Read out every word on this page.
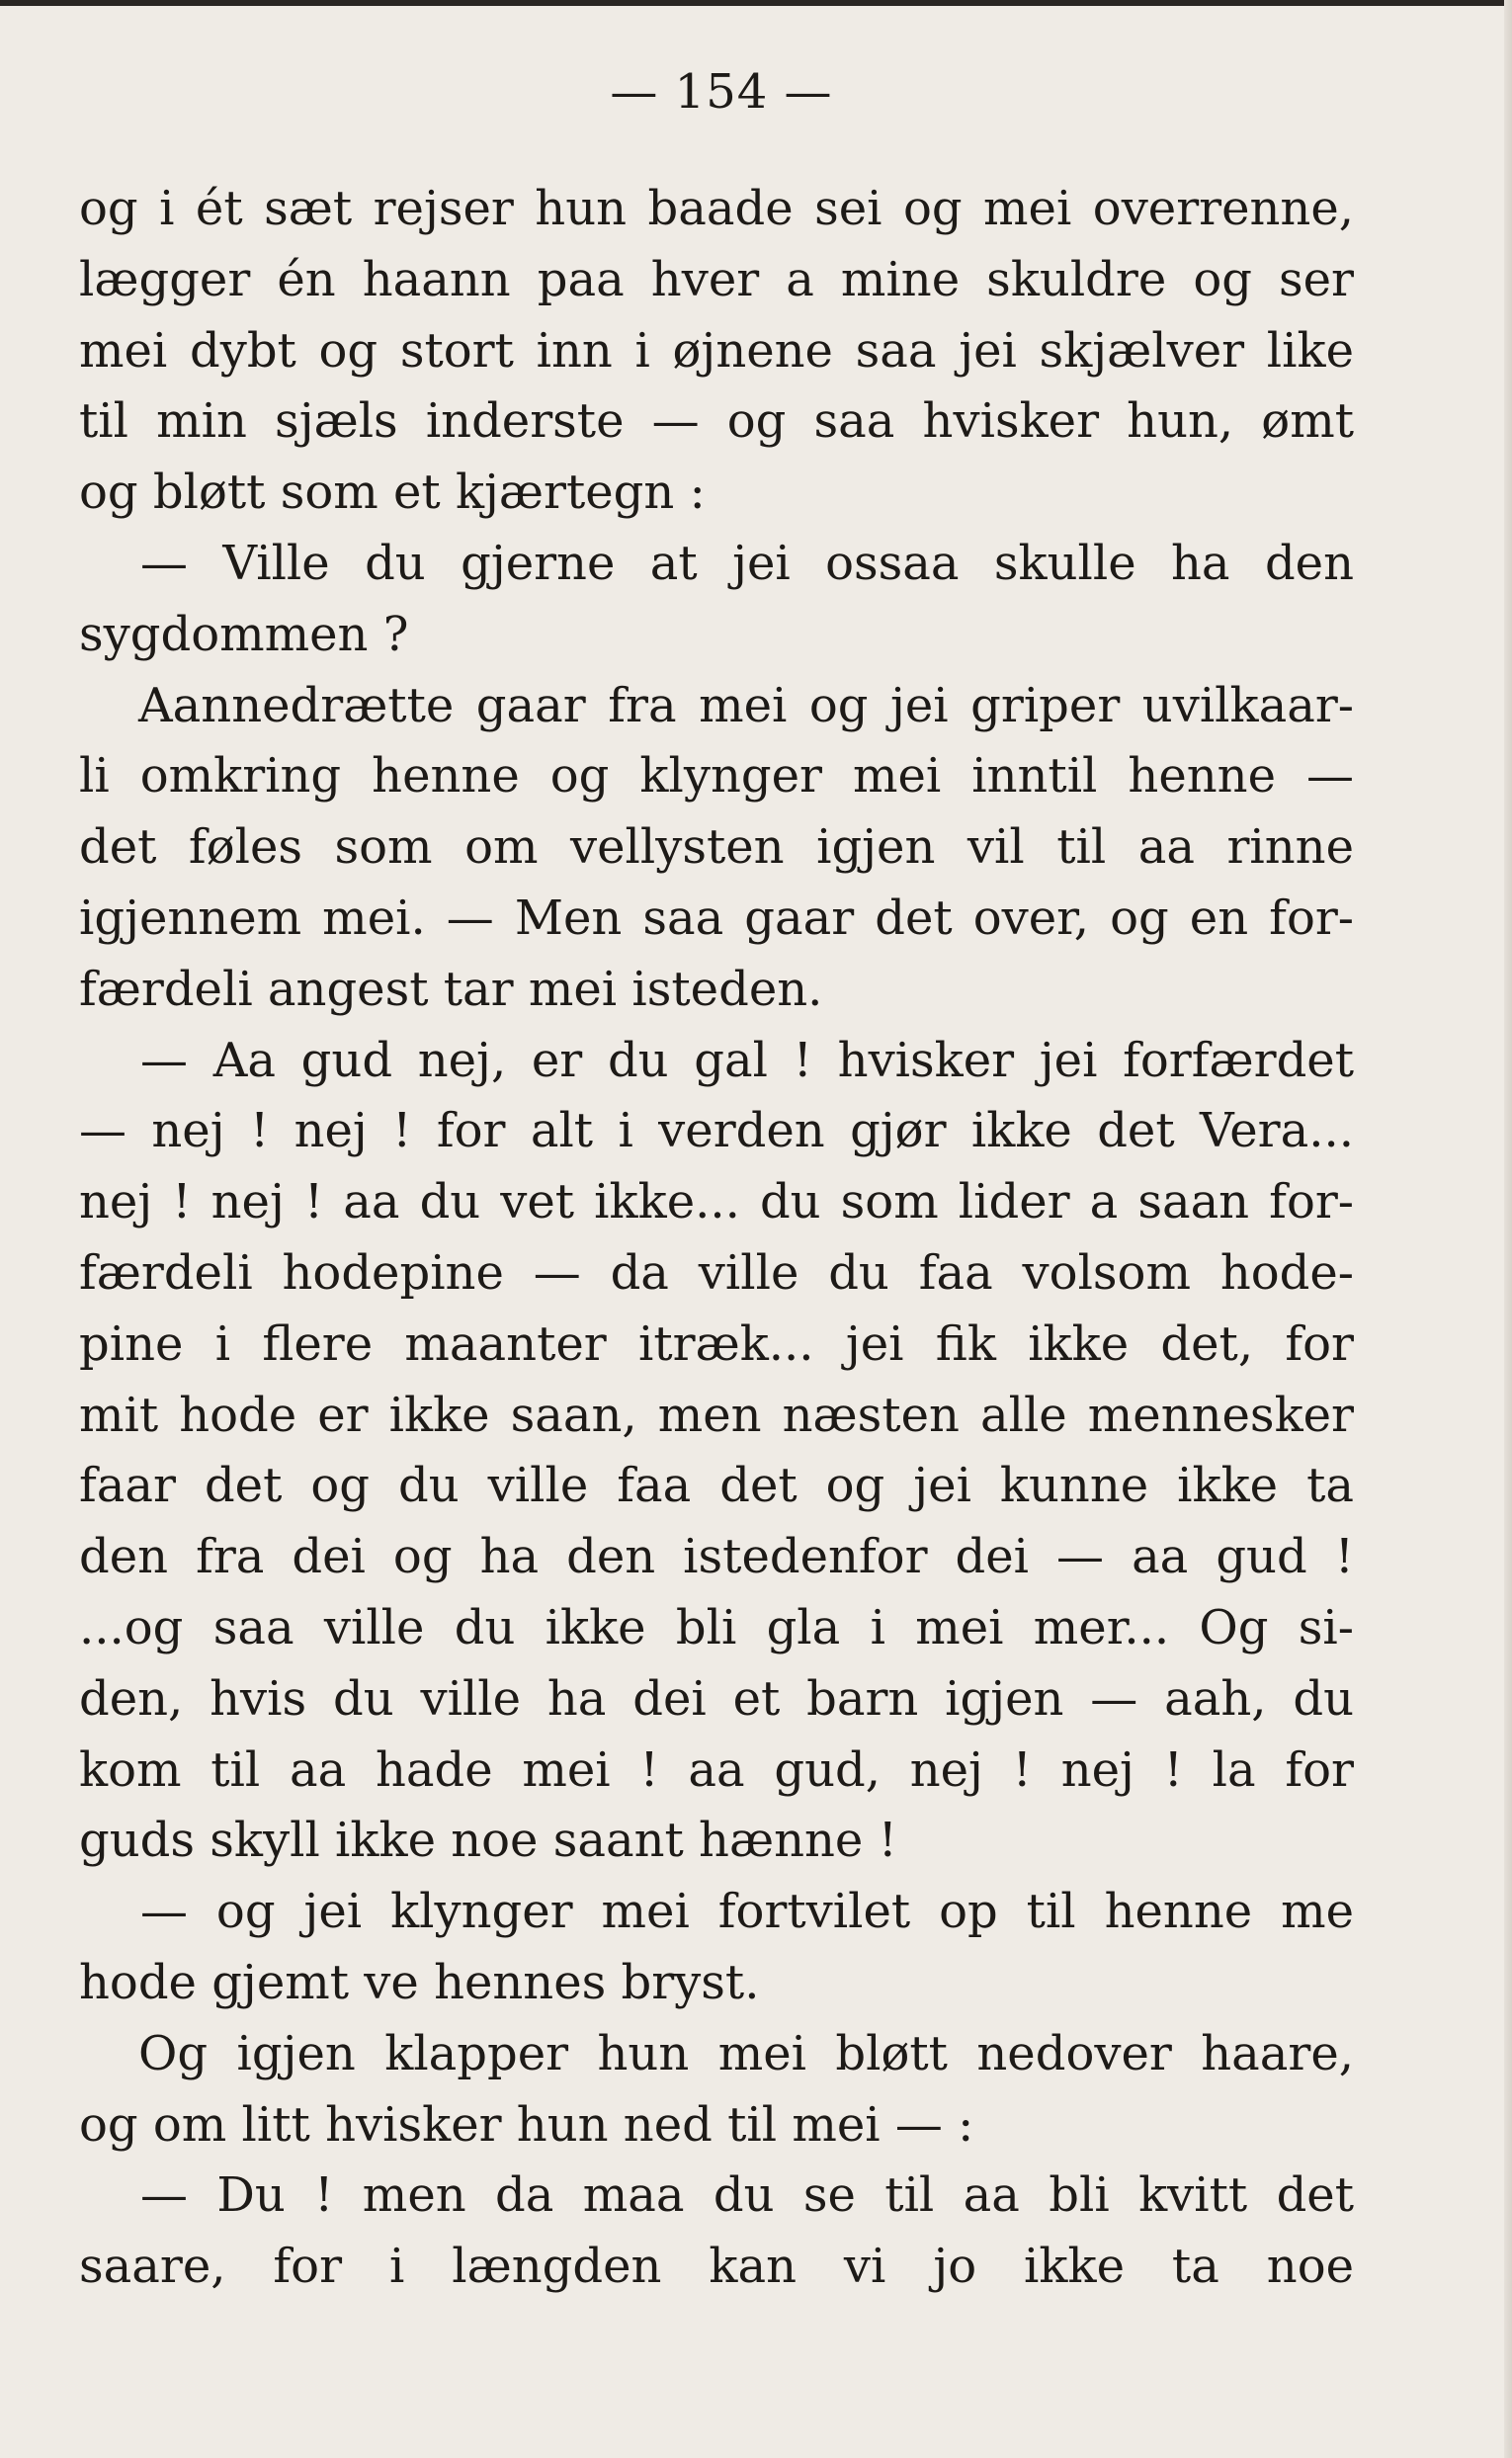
— 154 —
og i ét sæt rejser hun baade sei og mei overrenne,
lægger én haann paa hver a mine skuldre og ser
mei dybt og stort inn i øjnene saa jei skjælver like
til min sjæls inderste — og saa hvisker hun, ømt
og bløtt som et kjærtegn :
— Ville du gjerne at jei ossaa skulle ha den
sygdommen ?
Aannedrætte gaar fra mei og jei griper uvilkaar-
li omkring henne og klynger mei inntil henne —
det føles som om vellysten igjen vil til aa rinne
igjennem mei. — Men saa gaar det over, og en for-
færdeli angest tar mei isteden.
— Aa gud nej, er du gal ! hvisker jei forfærdet
— nej ! nej ! for alt i verden gjør ikke det Vera...
nej ! nej ! aa du vet ikke... du som lider a saan for-
færdeli hodepine — da ville du faa volsom hode-
pine i flere maanter itræk... jei fik ikke det, for
mit hode er ikke saan, men næsten alle mennesker
faar det og du ville faa det og jei kunne ikke ta
den fra dei og ha den istedenfor dei — aa gud !
...og saa ville du ikke bli gla i mei mer... Og si-
den, hvis du ville ha dei et barn igjen — aah, du
kom til aa hade mei ! aa gud, nej ! nej ! la for
guds skyll ikke noe saant hænne !
— og jei klynger mei fortvilet op til henne me
hode gjemt ve hennes bryst.
Og igjen klapper hun mei bløtt nedover haare,
og om litt hvisker hun ned til mei — :
— Du ! men da maa du se til aa bli kvitt det
saare, for i længden kan vi jo ikke ta noe
